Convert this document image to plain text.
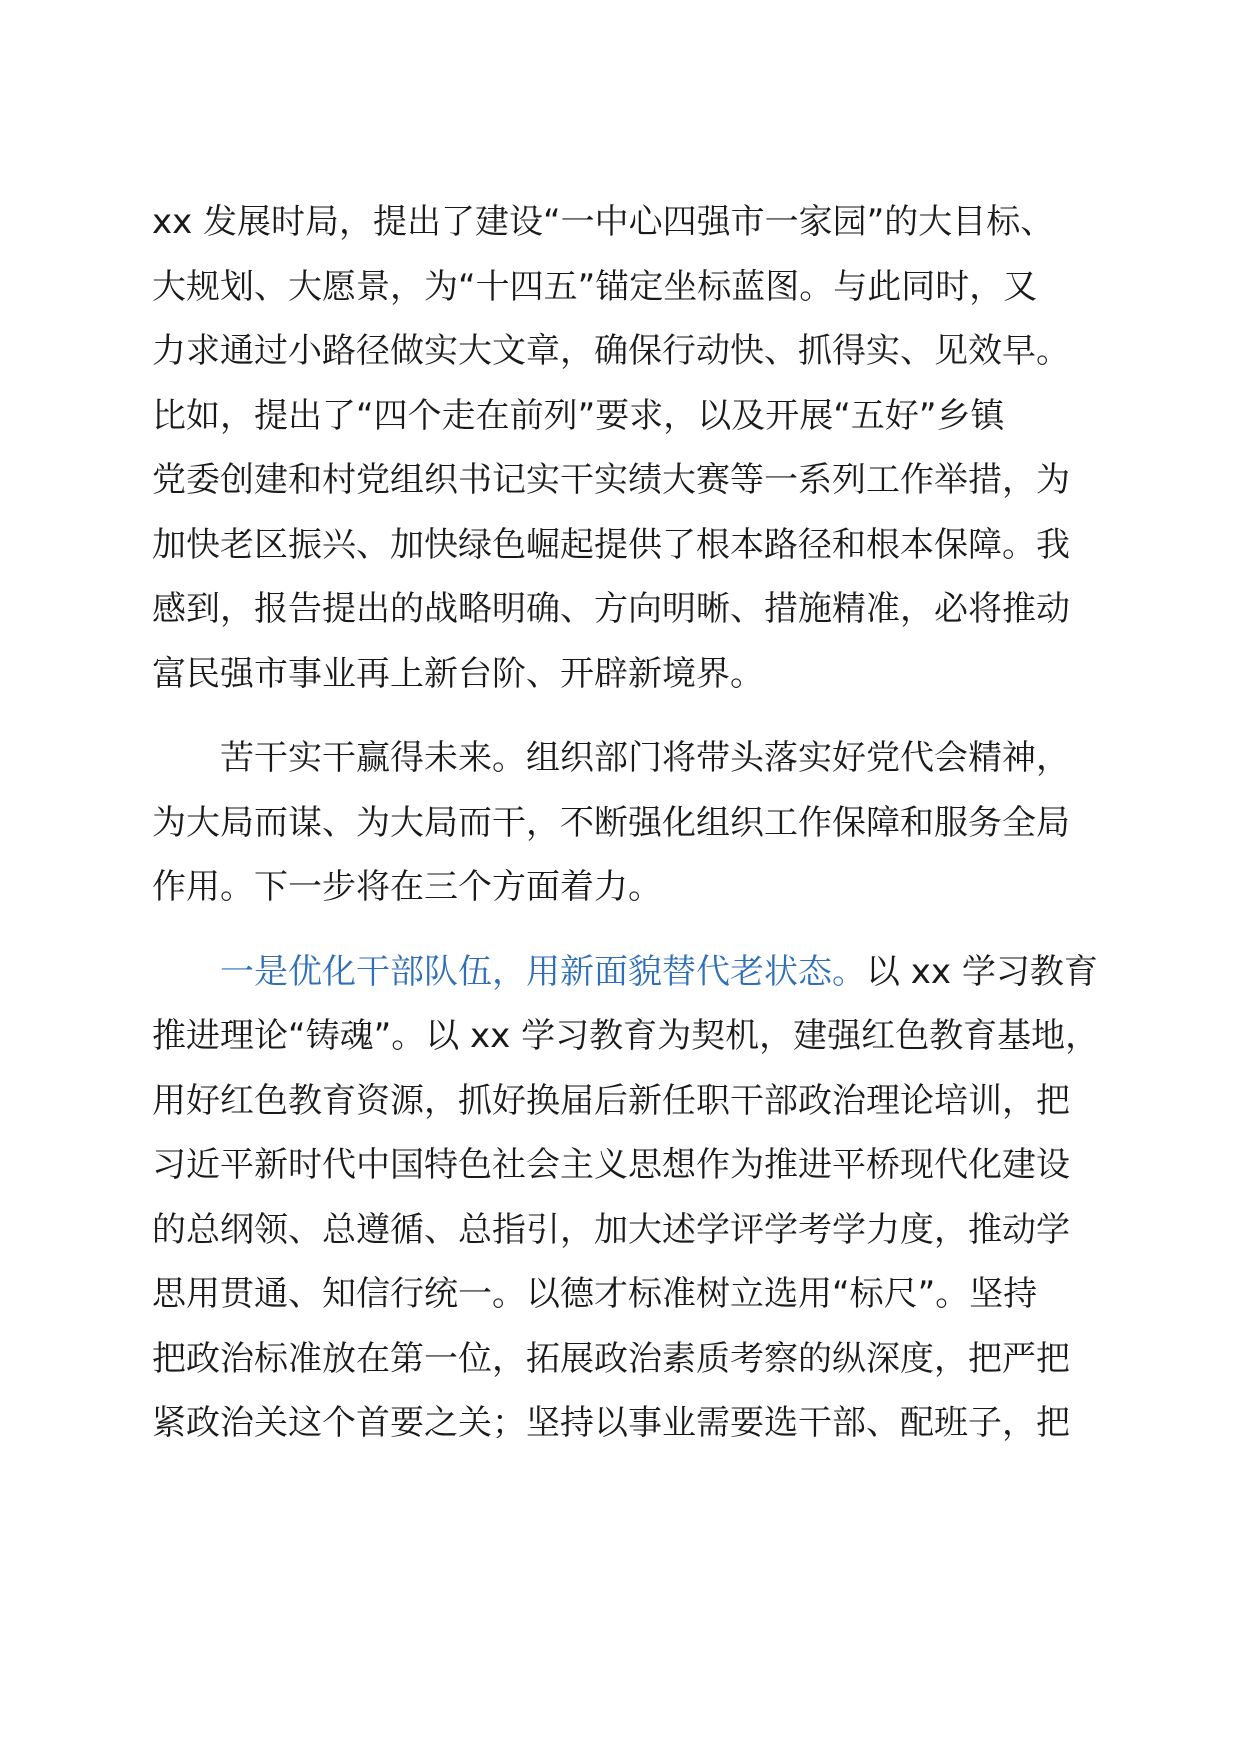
xx 发展时局，提出了建设“一中心四强市一家园”的大目标、
大规划、大愿景，为“十四五”锚定坐标蓝图。与此同时，又
力求通过小路径做实大文章，确保行动快、抓得实、见效早。
比如，提出了“四个走在前列”要求，以及开展“五好”乡镇
党委创建和村党组织书记实干实绩大赛等一系列工作举措，为
加快老区振兴、加快绿色崛起提供了根本路径和根本保障。我
感到，报告提出的战略明确、方向明晰、措施精准，必将推动
富民强市事业再上新台阶、开辟新境界。
苦干实干赢得未来。组织部门将带头落实好党代会精神，
为大局而谋、为大局而干，不断强化组织工作保障和服务全局
作用。下一步将在三个方面着力。
一是优化干部队伍，用新面貌替代老状态。以 xx 学习教育
推进理论“铸魂”。以 xx 学习教育为契机，建强红色教育基地，
用好红色教育资源，抓好换届后新任职干部政治理论培训，把
习近平新时代中国特色社会主义思想作为推进平桥现代化建设
的总纲领、总遵循、总指引，加大述学评学考学力度，推动学
思用贯通、知信行统一。以德才标准树立选用“标尺”。坚持
把政治标准放在第一位，拓展政治素质考察的纵深度，把严把
紧政治关这个首要之关；坚持以事业需要选干部、配班子，把
